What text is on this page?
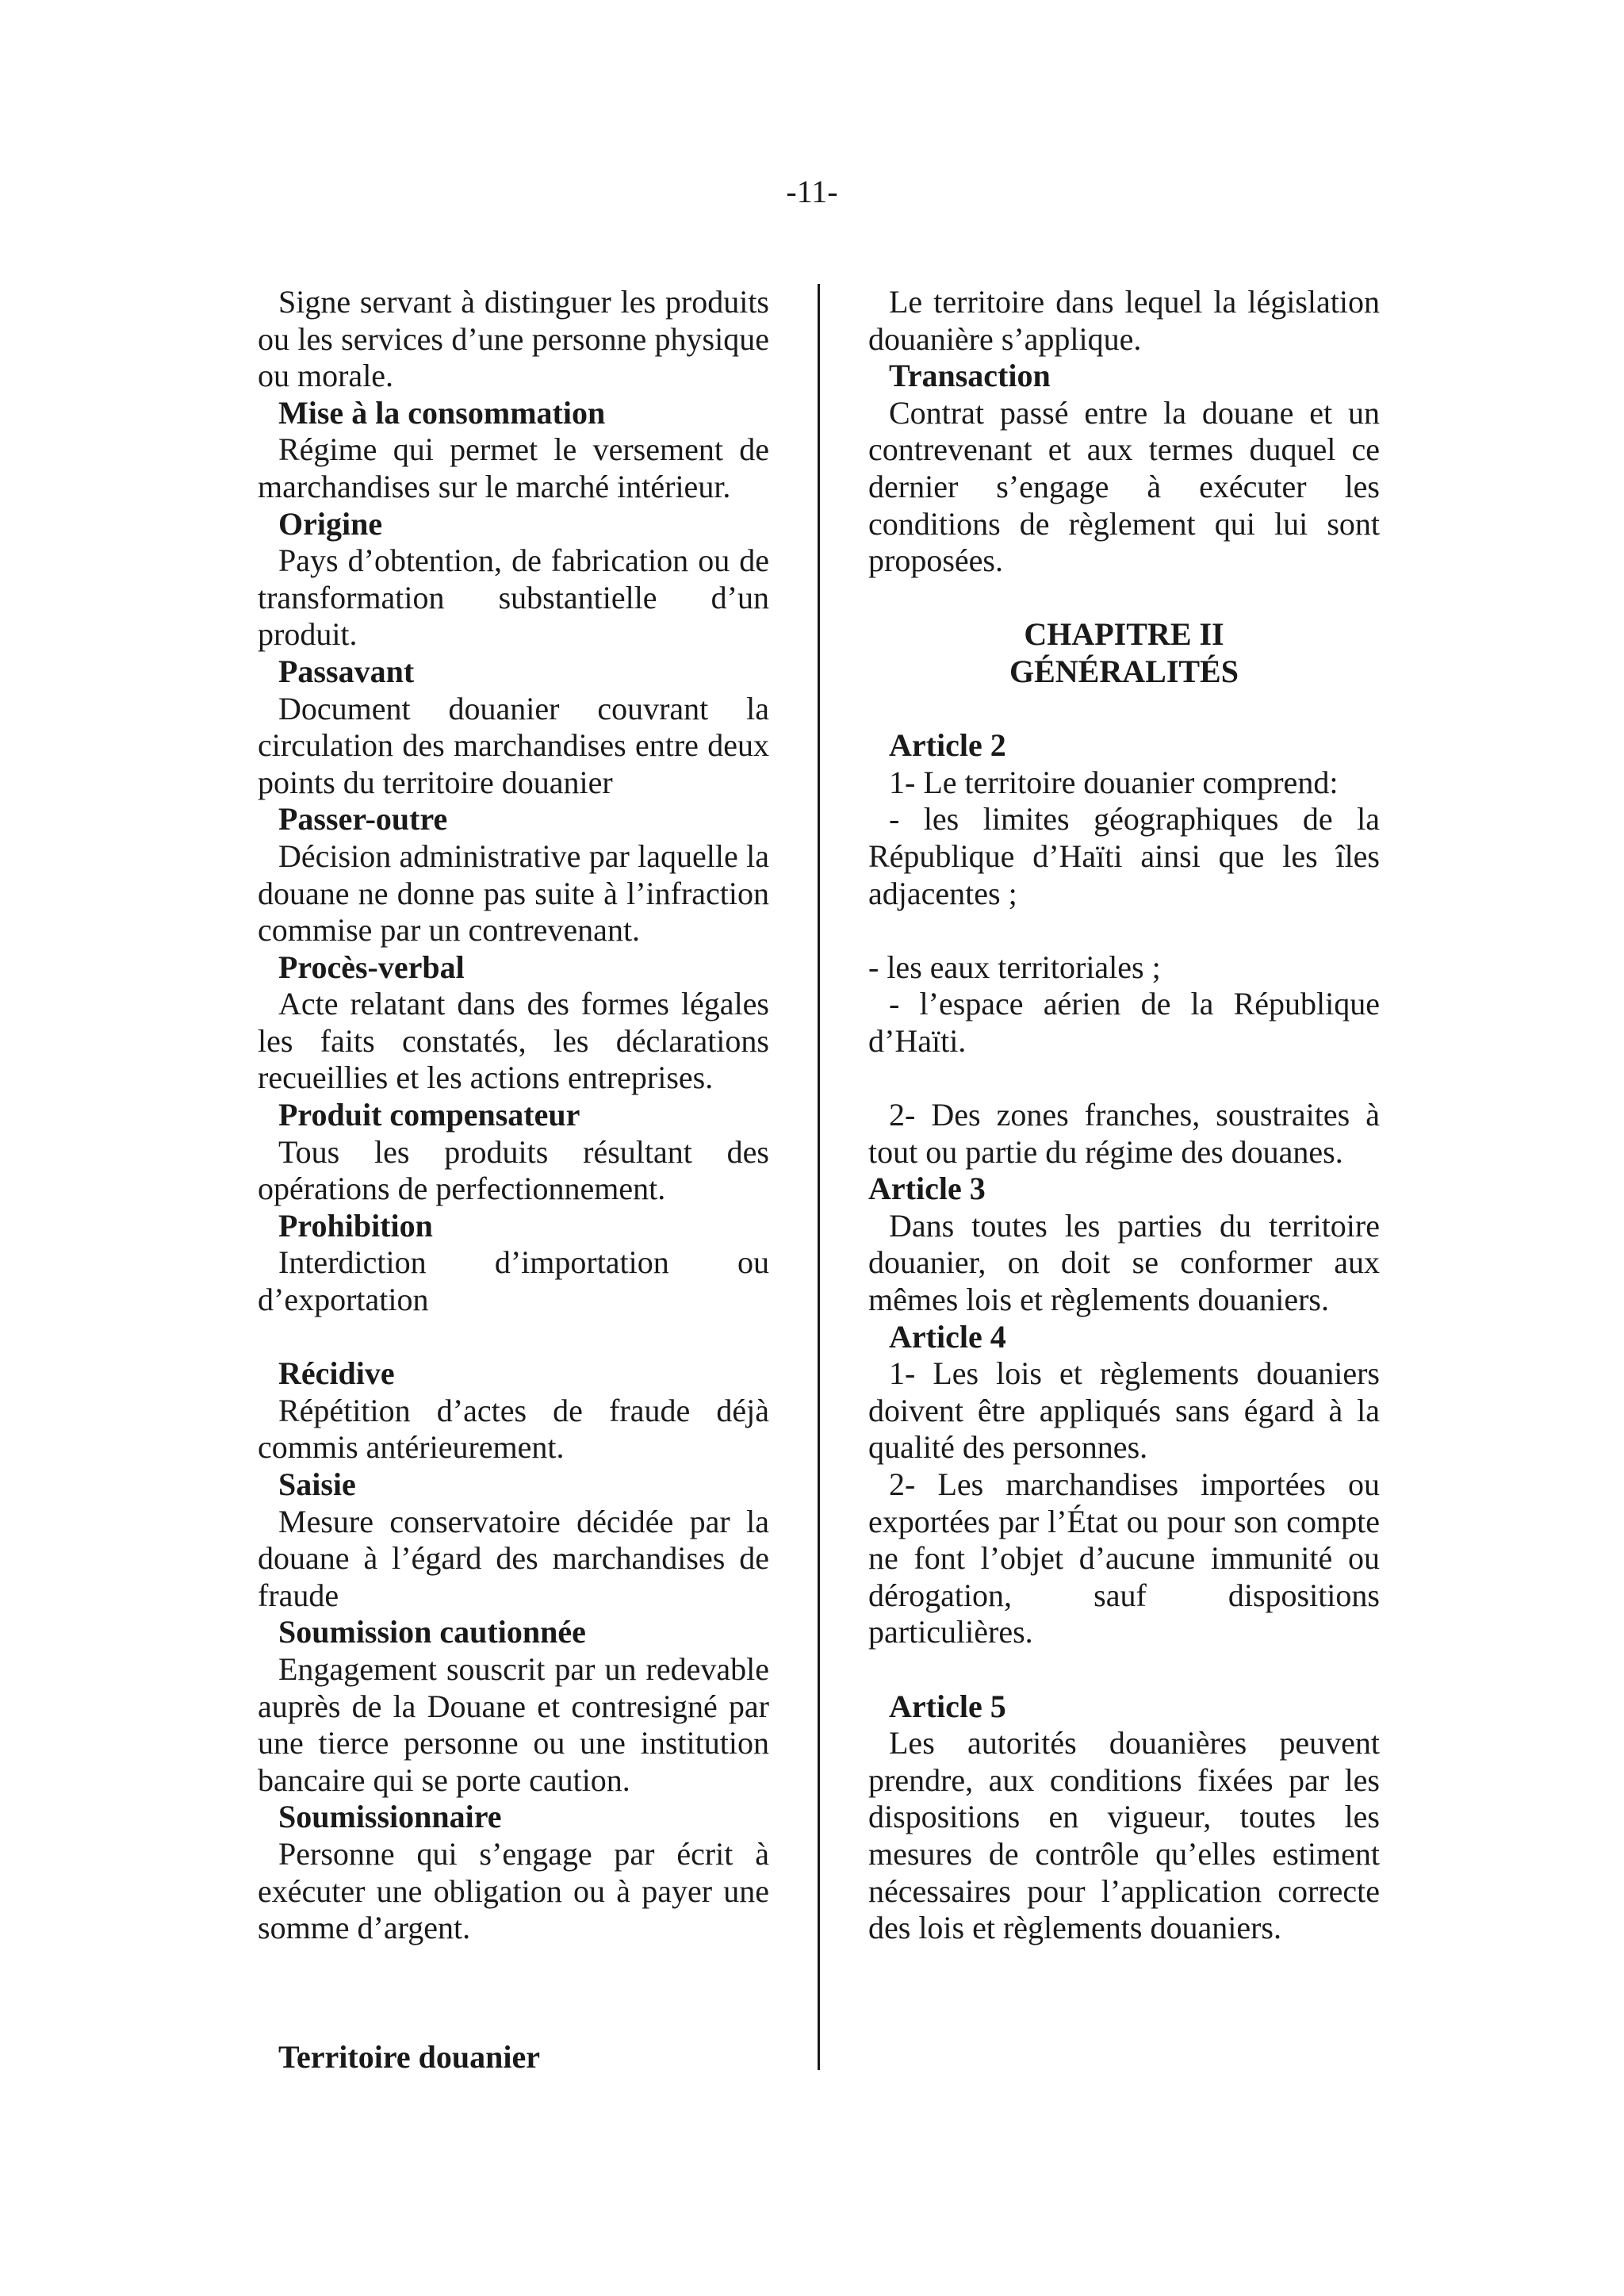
-11-
Signe servant à distinguer les produits ou les services d’une personne physique ou morale.
Mise à la consommation
Régime qui permet le versement de marchandises sur le marché intérieur.
Origine
Pays d’obtention, de fabrication ou de transformation substantielle d’un produit.
Passavant
Document douanier couvrant la circulation des marchandises entre deux points du territoire douanier
Passer-outre
Décision administrative par laquelle la douane ne donne pas suite à l’infraction commise par un contrevenant.
Procès-verbal
Acte relatant dans des formes légales les faits constatés, les déclarations recueillies et les actions entreprises.
Produit compensateur
Tous les produits résultant des opérations de perfectionnement.
Prohibition
Interdiction d’importation ou d’exportation
Récidive
Répétition d’actes de fraude déjà commis antérieurement.
Saisie
Mesure conservatoire décidée par la douane à l’égard des marchandises de fraude
Soumission cautionnée
Engagement souscrit par un redevable auprès de la Douane et contresigné par une tierce personne ou une institution bancaire qui se porte caution.
Soumissionnaire
Personne qui s’engage par écrit à exécuter une obligation ou à payer une somme d’argent.
Territoire douanier
Le territoire dans lequel la législation douanière s’applique.
Transaction
Contrat passé entre la douane et un contrevenant et aux termes duquel ce dernier s’engage à exécuter les conditions de règlement qui lui sont proposées.
CHAPITRE II
GÉNÉRALITÉS
Article 2
1- Le territoire douanier comprend:
- les limites géographiques de la République d’Haïti ainsi que les îles adjacentes ;
- les eaux territoriales ;
- l’espace aérien de la République d’Haïti.
2- Des zones franches, soustraites à tout ou partie du régime des douanes.
Article 3
Dans toutes les parties du territoire douanier, on doit se conformer aux mêmes lois et règlements douaniers.
Article 4
1- Les lois et règlements douaniers doivent être appliqués sans égard à la qualité des personnes.
2- Les marchandises importées ou exportées par l’État ou pour son compte ne font l’objet d’aucune immunité ou dérogation, sauf dispositions particulières.
Article 5
Les autorités douanières peuvent prendre, aux conditions fixées par les dispositions en vigueur, toutes les mesures de contrôle qu’elles estiment nécessaires pour l’application correcte des lois et règlements douaniers.
